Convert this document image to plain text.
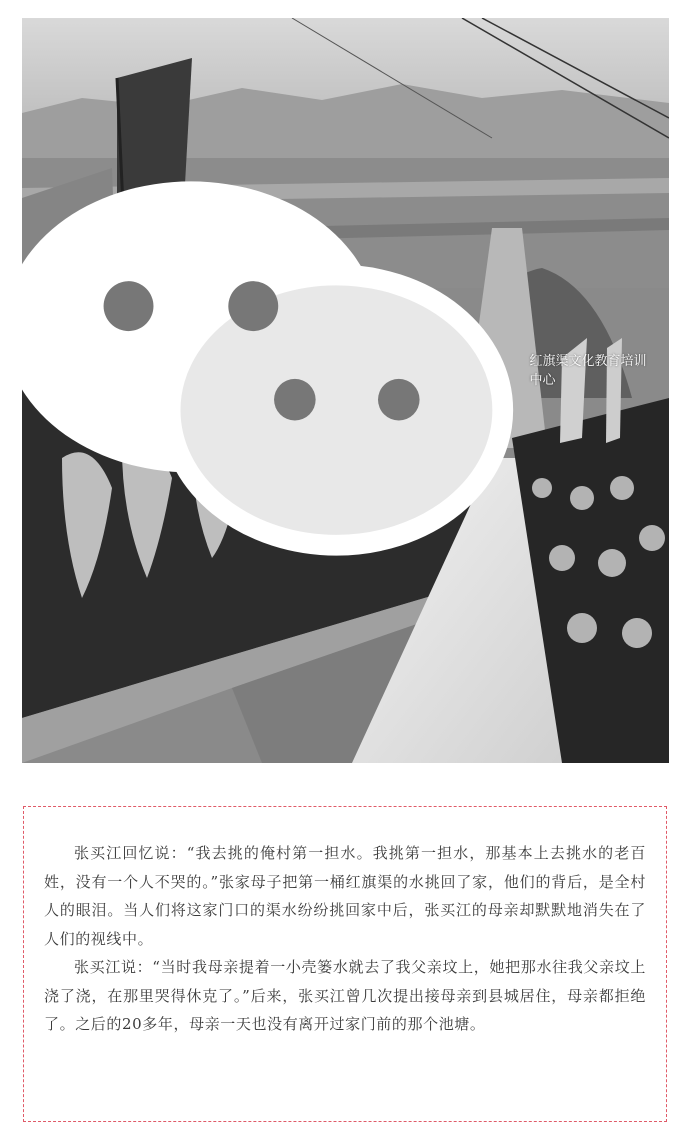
红旗渠文化教育培训中心

张买江回忆说：“我去挑的俺村第一担水。我挑第一担水，那基本上去挑水的老百姓，没有一个人不哭的。”张家母子把第一桶红旗渠的水挑回了家，他们的背后，是全村人的眼泪。当人们将这家门口的渠水纷纷挑回家中后，张买江的母亲却默默地消失在了人们的视线中。

张买江说：“当时我母亲提着一小壳篓水就去了我父亲坟上，她把那水往我父亲坟上浇了浇，在那里哭得休克了。”后来，张买江曾几次提出接母亲到县城居住，母亲都拒绝了。之后的20多年，母亲一天也没有离开过家门前的那个池塘。
